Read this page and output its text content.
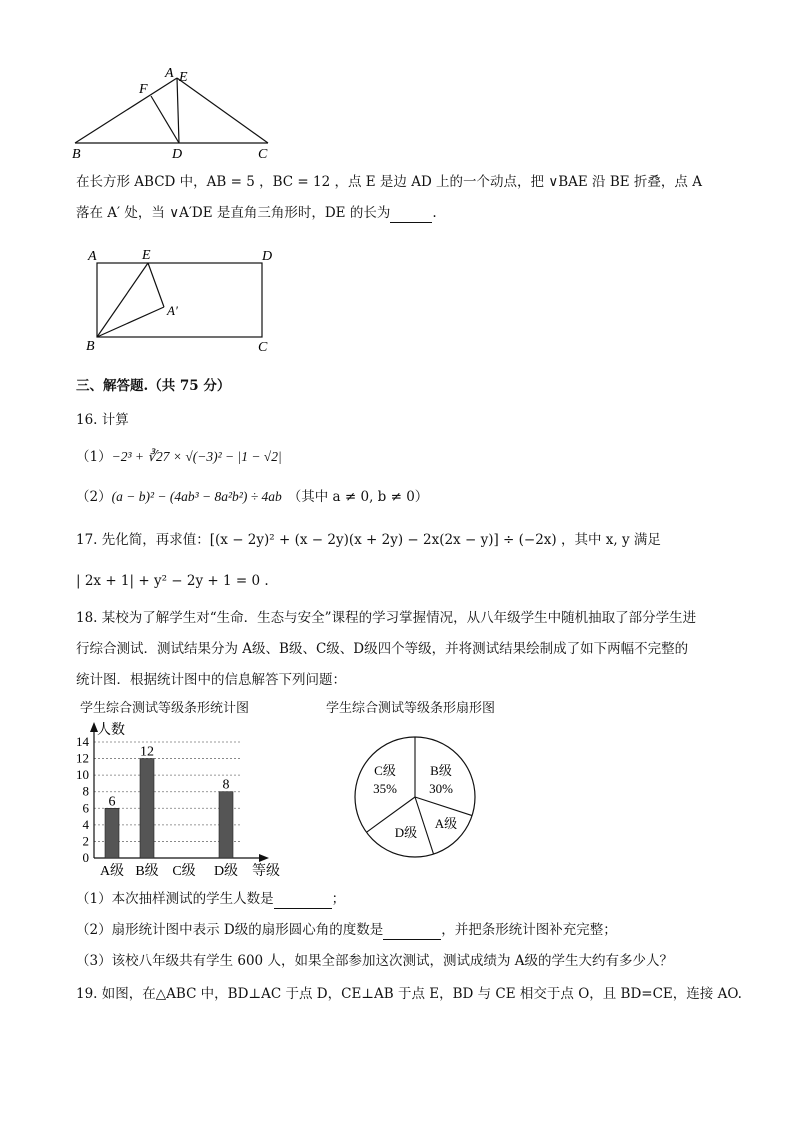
A E
F
B	D	C
在长方形 ABCD 中，AB = 5 ，BC = 12 ，点 E 是边 AD 上的一个动点，把 ∨BAE 沿 BE 折叠，点 A
落在 A′ 处，当 ∨A′DE 是直角三角形时，DE 的长为	.
A	E	D
A′
B	C
三、解答题.（共 75 分）
16. 计算
（1）−2³ + ∛27 × √(−3)² − |1 − √2|
（2）(a − b)² − (4ab³ − 8a²b²) ÷ 4ab （其中 a ≠ 0, b ≠ 0）
17. 先化简，再求值：[(x − 2y)² + (x − 2y)(x + 2y) − 2x(2x − y)] ÷ (−2x) ，其中 x, y 满足
| 2x + 1| + y² − 2y + 1 = 0 .
18. 某校为了解学生对“生命．生态与安全”课程的学习掌握情况，从八年级学生中随机抽取了部分学生进
行综合测试．测试结果分为 A级、B级、C级、D级四个等级，并将测试结果绘制成了如下两幅不完整的
统计图．根据统计图中的信息解答下列问题：
学生综合测试等级条形统计图	学生综合测试等级条形扇形图
0
2
4
6
8
10
12
14
人数
等级
6
A级
12
B级 C级
8
D级
B级
30%
A级
D级
C级
35%
（1）本次抽样测试的学生人数是	；
（2）扇形统计图中表示 D级的扇形圆心角的度数是	，并把条形统计图补充完整；
（3）该校八年级共有学生 600 人，如果全部参加这次测试，测试成绩为 A级的学生大约有多少人？
19. 如图，在△ABC 中，BD⊥AC 于点 D，CE⊥AB 于点 E，BD 与 CE 相交于点 O，且 BD=CE，连接 AO.
